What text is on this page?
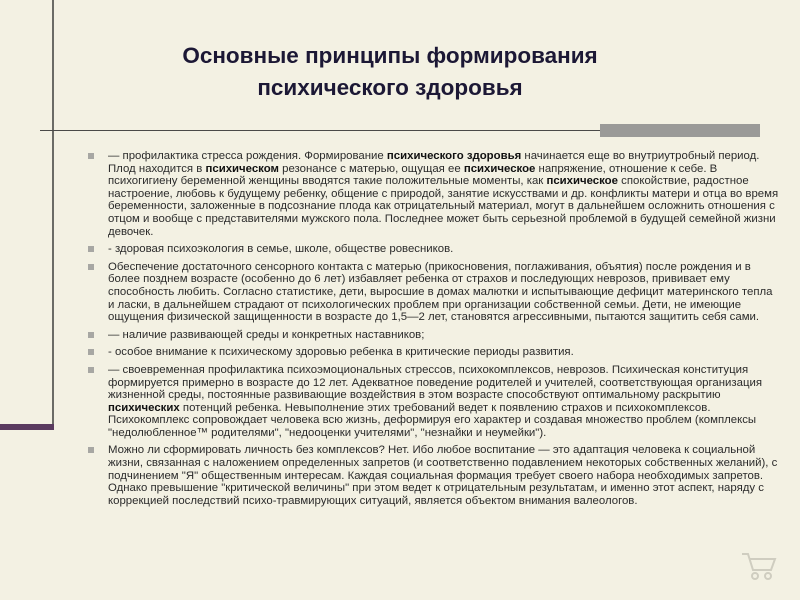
Основные принципы формирования
психического здоровья
— профилактика стресса рождения. Формирование психического здоровья начинается еще во внутриутробный период. Плод находится в психическом резонансе с матерью, ощущая ее психическое напряжение, отношение к себе. В психогигиену беременной женщины вводятся такие положительные моменты, как психическое спокойствие, радостное настроение, любовь к будущему ребенку, общение с природой, занятие искусствами и др. конфликты матери и отца во время беременности, заложенные в подсознание плода как отрицательный материал, могут в дальнейшем осложнить отношения с отцом и вообще с представителями мужского пола. Последнее может быть серьезной проблемой в будущей семейной жизни девочек.
- здоровая психоэкология в семье, школе, обществе ровесников.
Обеспечение достаточного сенсорного контакта с матерью (прикосновения, поглаживания, объятия) после рождения и в более позднем возрасте (особенно до 6 лет) избавляет ребенка от страхов и последующих неврозов, прививает ему способность любить. Согласно статистике, дети, выросшие в домах малютки и испытывающие дефицит материнского тепла и ласки, в дальнейшем страдают от психологических проблем при организации собственной семьи. Дети, не имеющие ощущения физической защищенности в возрасте до 1,5—2 лет, становятся агрессивными, пытаются защитить себя сами.
— наличие развивающей среды и конкретных наставников;
- особое внимание к психическому здоровью ребенка в критические периоды развития.
— своевременная профилактика психоэмоциональных стрессов, психокомплексов, неврозов. Психическая конституция формируется примерно в возрасте до 12 лет. Адекватное поведение родителей и учителей, соответствующая организация жизненной среды, постоянные развивающие воздействия в этом возрасте способствуют оптимальному раскрытию психических потенций ребенка. Невыполнение этих требований ведет к появлению страхов и психокомплексов. Психокомплекс сопровождает человека всю жизнь, деформируя его характер и создавая множество проблем (комплексы "недолюбленное™ родителями", "недооценки учителями", "незнайки и неумейки").
Можно ли сформировать личность без комплексов? Нет. Ибо любое воспитание — это адаптация человека к социальной жизни, связанная с наложением определенных запретов (и соответственно подавлением некоторых собственных желаний), с подчинением "Я" общественным интересам. Каждая социальная формация требует своего набора необходимых запретов. Однако превышение "критической величины" при этом ведет к отрицательным результатам, и именно этот аспект, наряду с коррекцией последствий психо-травмирующих ситуаций, является объектом внимания валеологов.
